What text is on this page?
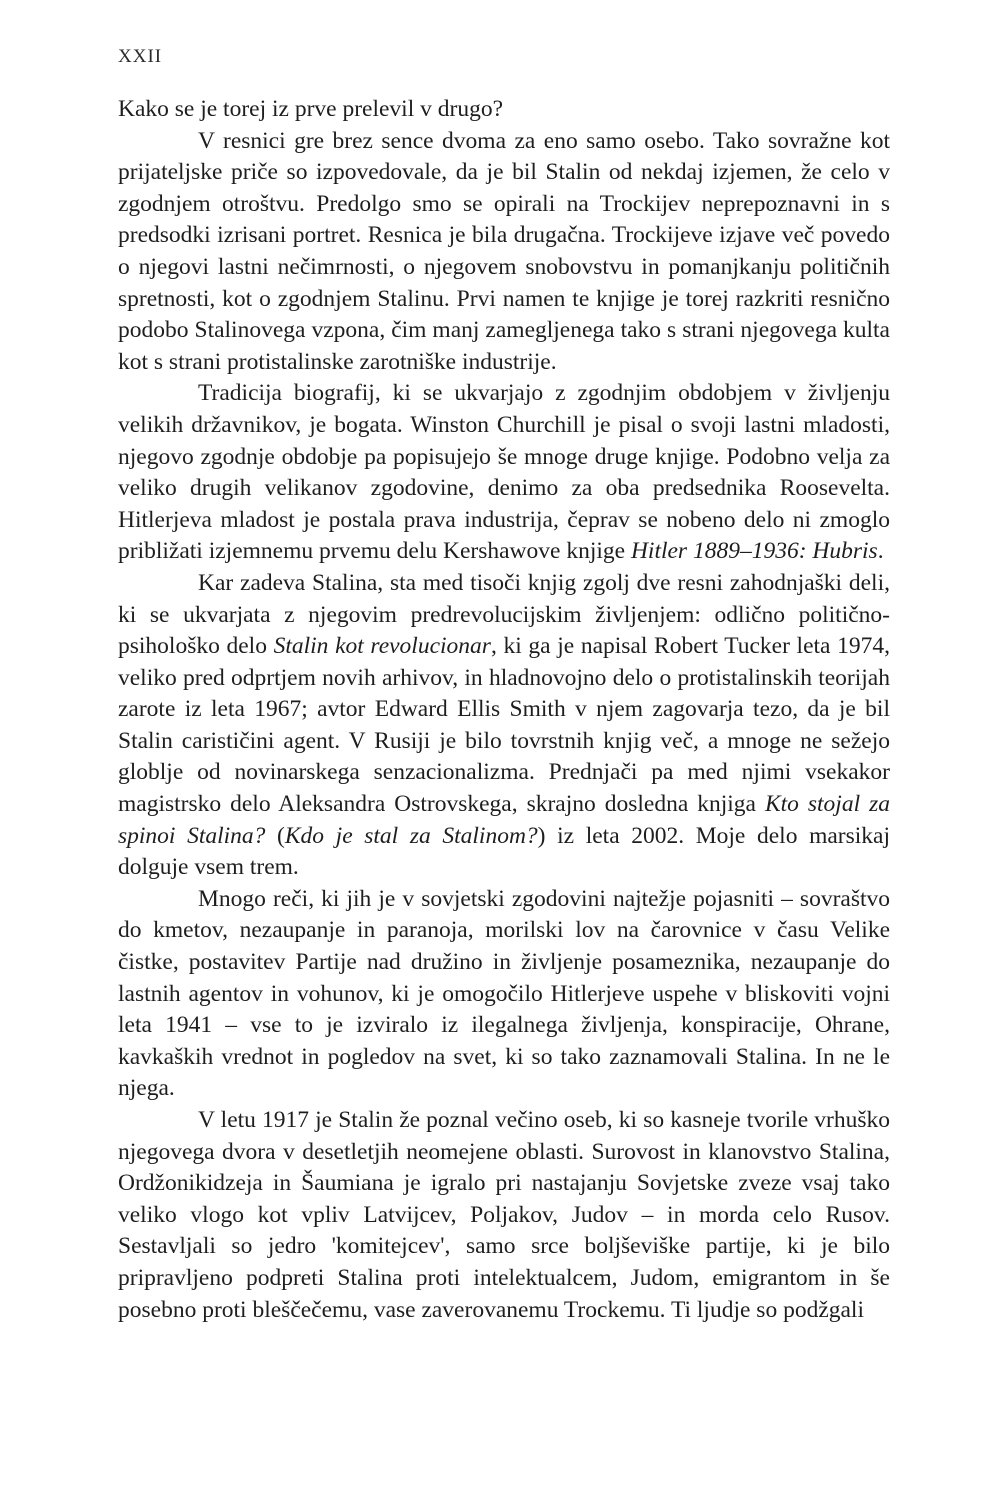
XXII

Kako se je torej iz prve prelevil v drugo?

V resnici gre brez sence dvoma za eno samo osebo. Tako sovražne kot prijateljske priče so izpovedovale, da je bil Stalin od nekdaj izjemen, že celo v zgodnjem otroštvu. Predolgo smo se opirali na Trockijev neprepoznavni in s predsodki izrisani portret. Resnica je bila drugačna. Trockijeve izjave več povedo o njegovi lastni nečimrnosti, o njegovem snobovstvu in pomanjkanju političnih spretnosti, kot o zgodnjem Stalinu. Prvi namen te knjige je torej razkriti resnično podobo Stalinovega vzpona, čim manj zamegljenega tako s strani njegovega kulta kot s strani protistalinske zarotniške industrije.

Tradicija biografij, ki se ukvarjajo z zgodnjim obdobjem v življenju velikih državnikov, je bogata. Winston Churchill je pisal o svoji lastni mladosti, njegovo zgodnje obdobje pa popisujejo še mnoge druge knjige. Podobno velja za veliko drugih velikanov zgodovine, denimo za oba predsednika Roosevelta. Hitlerjeva mladost je postala prava industrija, čeprav se nobeno delo ni zmoglo približati izjemnemu prvemu delu Kershawove knjige Hitler 1889–1936: Hubris.

Kar zadeva Stalina, sta med tisoči knjig zgolj dve resni zahodnjaški deli, ki se ukvarjata z njegovim predrevolucijskim življenjem: odlično politično-psihološko delo Stalin kot revolucionar, ki ga je napisal Robert Tucker leta 1974, veliko pred odprtjem novih arhivov, in hladnovojno delo o protistalinskih teorijah zarote iz leta 1967; avtor Edward Ellis Smith v njem zagovarja tezo, da je bil Stalin carističini agent. V Rusiji je bilo tovrstnih knjig več, a mnoge ne sežejo globlje od novinarskega senzacionalizma. Prednjači pa med njimi vsekakor magistrsko delo Aleksandra Ostrovskega, skrajno dosledna knjiga Kto stojal za spinoi Stalina? (Kdo je stal za Stalinom?) iz leta 2002. Moje delo marsikaj dolguje vsem trem.

Mnogo reči, ki jih je v sovjetski zgodovini najtežje pojasniti – sovraštvo do kmetov, nezaupanje in paranoja, morilski lov na čarovnice v času Velike čistke, postavitev Partije nad družino in življenje posameznika, nezaupanje do lastnih agentov in vohunov, ki je omogočilo Hitlerjeve uspehe v bliskoviti vojni leta 1941 – vse to je izviralo iz ilegalnega življenja, konspiracije, Ohrane, kavkaških vrednot in pogledov na svet, ki so tako zaznamovali Stalina. In ne le njega.

V letu 1917 je Stalin že poznal večino oseb, ki so kasneje tvorile vrhuško njegovega dvora v desetletjih neomejene oblasti. Surovost in klanovstvo Stalina, Ordžonikidzeja in Šaumiana je igralo pri nastajanju Sovjetske zveze vsaj tako veliko vlogo kot vpliv Latvijcev, Poljakov, Judov – in morda celo Rusov. Sestavljali so jedro 'komitejcev', samo srce boljševiške partije, ki je bilo pripravljeno podpreti Stalina proti intelektualcem, Judom, emigrantom in še posebno proti bleščečemu, vase zaverovanemu Trockemu. Ti ljudje so podžgali
